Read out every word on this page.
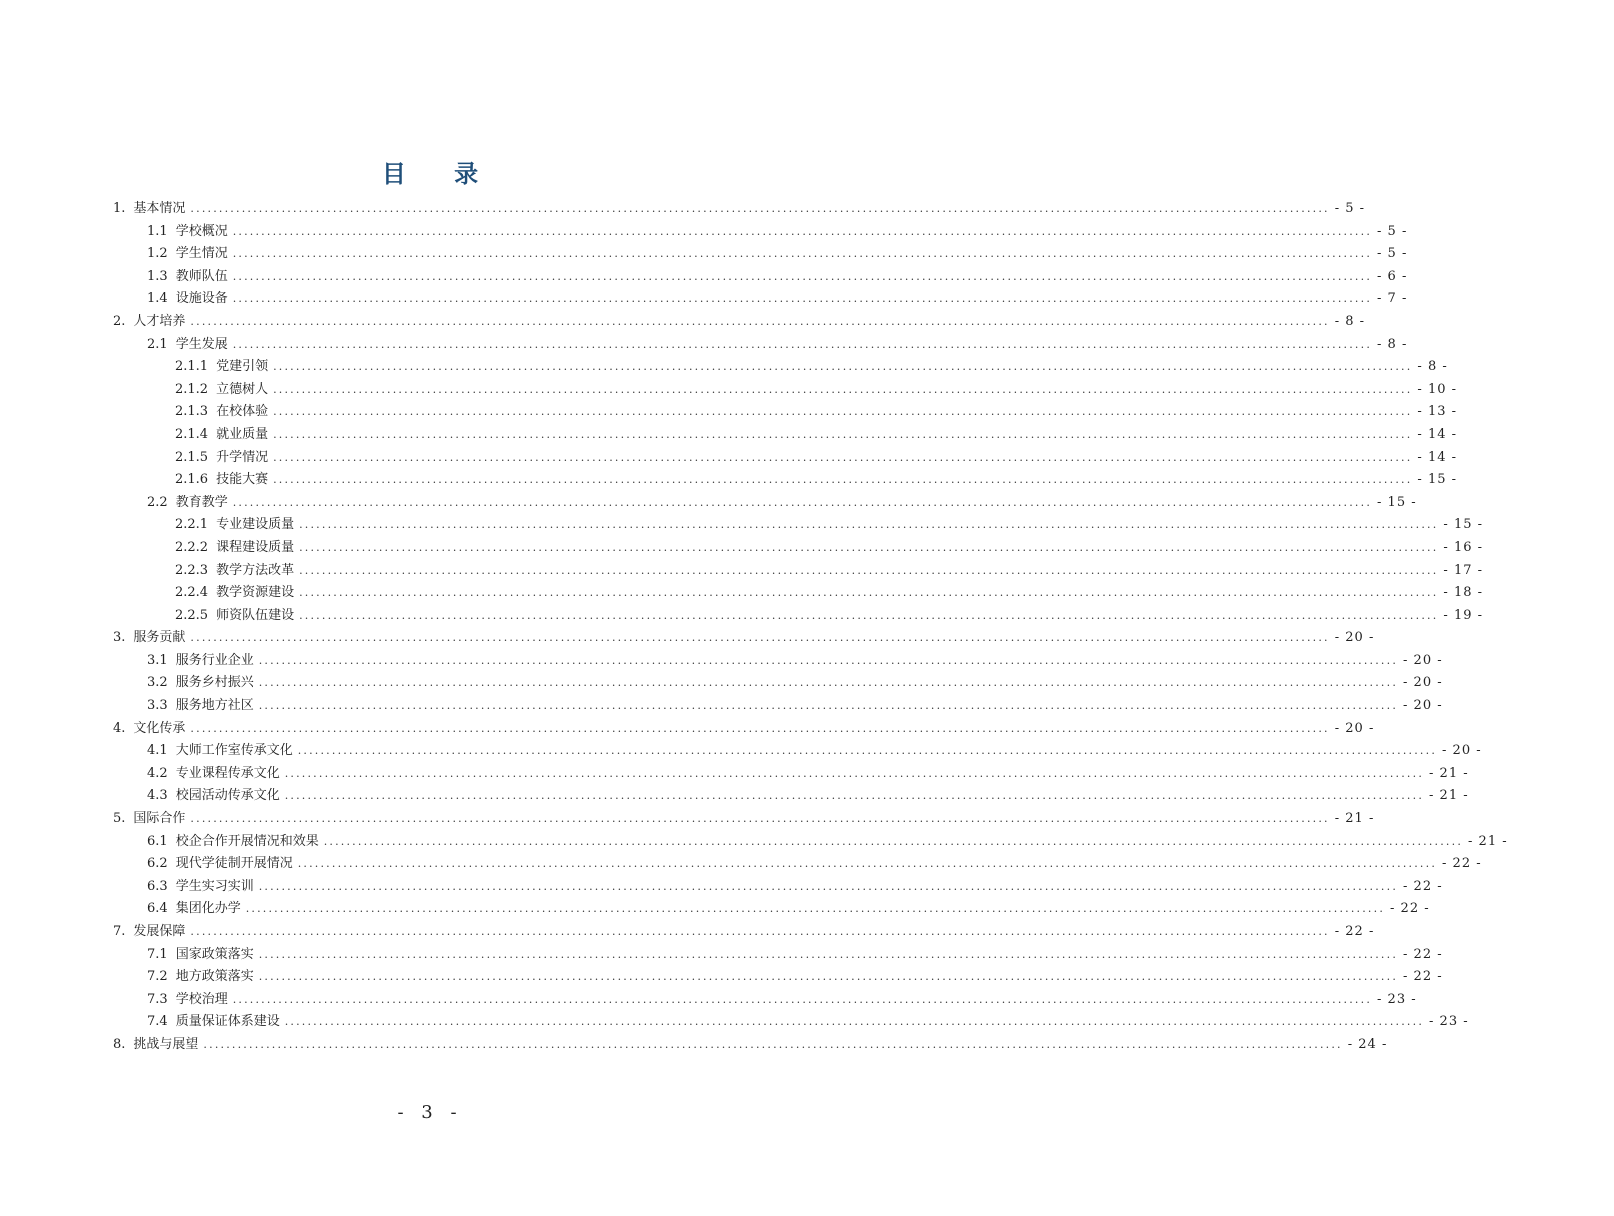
目 录
1. 基本情况 ........................................................................................................................................................................................................ - 5 -
1.1 学校概况 ........................................................................................................................................................................................................ - 5 -
1.2 学生情况 ........................................................................................................................................................................................................ - 5 -
1.3 教师队伍 ........................................................................................................................................................................................................ - 6 -
1.4 设施设备 ........................................................................................................................................................................................................ - 7 -
2. 人才培养 ........................................................................................................................................................................................................ - 8 -
2.1 学生发展 ........................................................................................................................................................................................................ - 8 -
2.1.1 党建引领 ........................................................................................................................................................................................................ - 8 -
2.1.2 立德树人 ........................................................................................................................................................................................................ - 10 -
2.1.3 在校体验 ........................................................................................................................................................................................................ - 13 -
2.1.4 就业质量 ........................................................................................................................................................................................................ - 14 -
2.1.5 升学情况 ........................................................................................................................................................................................................ - 14 -
2.1.6 技能大赛 ........................................................................................................................................................................................................ - 15 -
2.2 教育教学 ........................................................................................................................................................................................................ - 15 -
2.2.1 专业建设质量 ........................................................................................................................................................................................................ - 15 -
2.2.2 课程建设质量 ........................................................................................................................................................................................................ - 16 -
2.2.3 教学方法改革 ........................................................................................................................................................................................................ - 17 -
2.2.4 教学资源建设 ........................................................................................................................................................................................................ - 18 -
2.2.5 师资队伍建设 ........................................................................................................................................................................................................ - 19 -
3. 服务贡献 ........................................................................................................................................................................................................ - 20 -
3.1 服务行业企业 ........................................................................................................................................................................................................ - 20 -
3.2 服务乡村振兴 ........................................................................................................................................................................................................ - 20 -
3.3 服务地方社区 ........................................................................................................................................................................................................ - 20 -
4. 文化传承 ........................................................................................................................................................................................................ - 20 -
4.1 大师工作室传承文化 ........................................................................................................................................................................................................ - 20 -
4.2 专业课程传承文化 ........................................................................................................................................................................................................ - 21 -
4.3 校园活动传承文化 ........................................................................................................................................................................................................ - 21 -
5. 国际合作 ........................................................................................................................................................................................................ - 21 -
6.1 校企合作开展情况和效果 ........................................................................................................................................................................................................ - 21 -
6.2 现代学徒制开展情况 ........................................................................................................................................................................................................ - 22 -
6.3 学生实习实训 ........................................................................................................................................................................................................ - 22 -
6.4 集团化办学 ........................................................................................................................................................................................................ - 22 -
7. 发展保障 ........................................................................................................................................................................................................ - 22 -
7.1 国家政策落实 ........................................................................................................................................................................................................ - 22 -
7.2 地方政策落实 ........................................................................................................................................................................................................ - 22 -
7.3 学校治理 ........................................................................................................................................................................................................ - 23 -
7.4 质量保证体系建设 ........................................................................................................................................................................................................ - 23 -
8. 挑战与展望 ........................................................................................................................................................................................................ - 24 -
- 3 -
